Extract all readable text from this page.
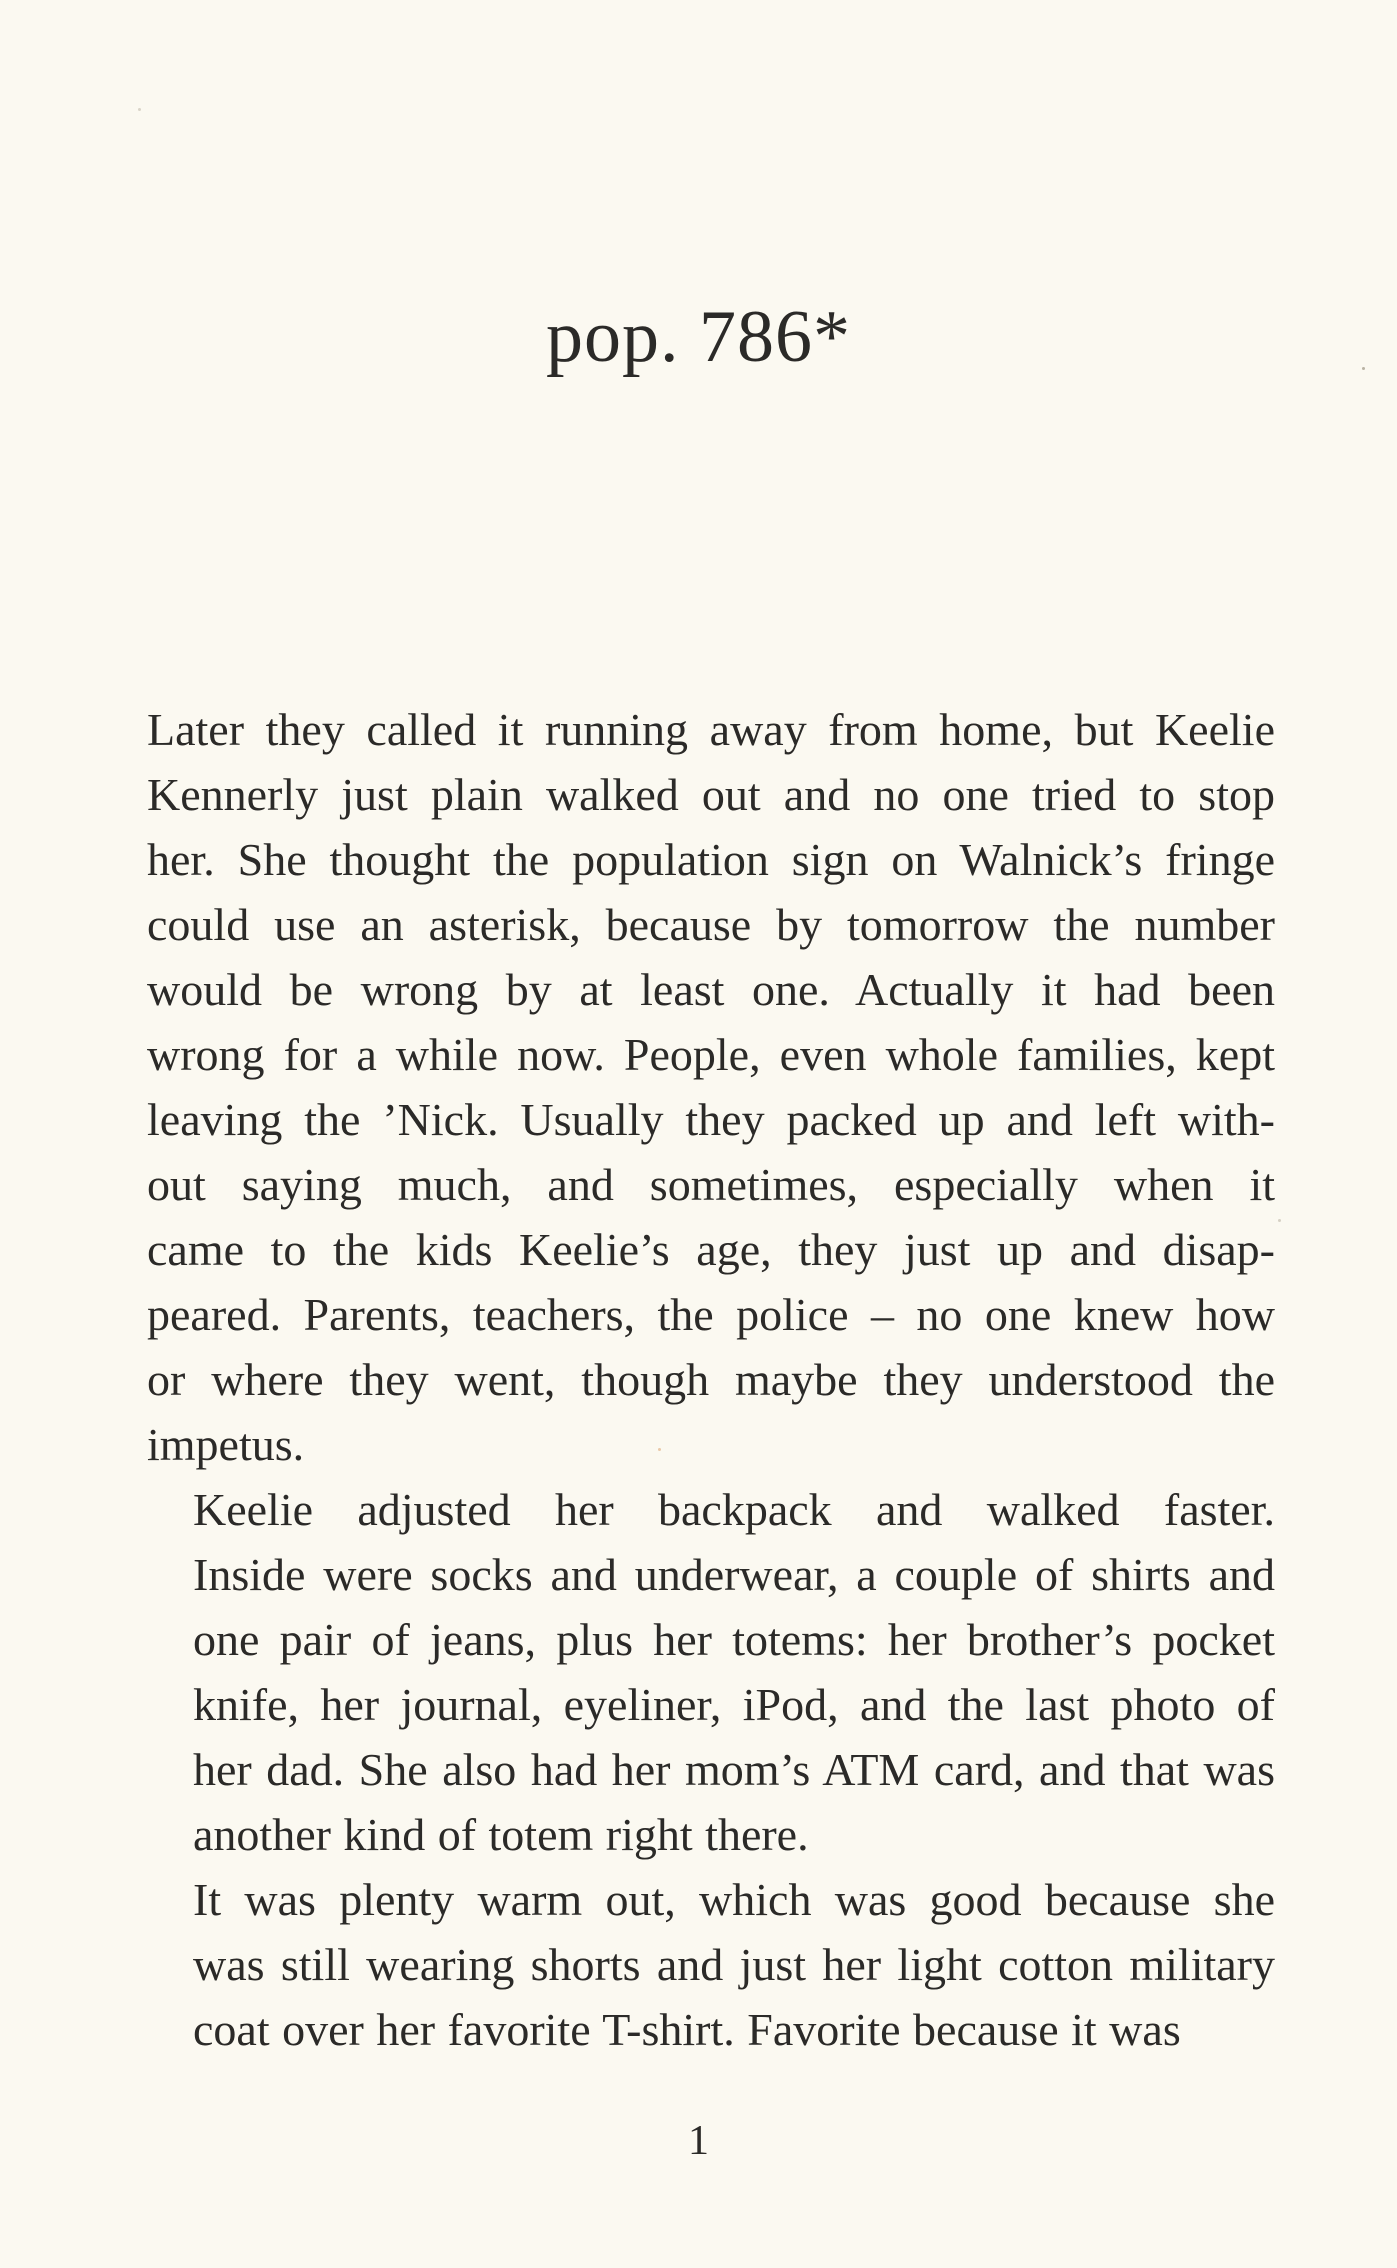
pop. 786*

Later they called it running away from home, but Keelie
Kennerly just plain walked out and no one tried to stop
her. She thought the population sign on Walnick’s fringe
could use an asterisk, because by tomorrow the number
would be wrong by at least one. Actually it had been
wrong for a while now. People, even whole families, kept
leaving the ’Nick. Usually they packed up and left with-
out saying much, and sometimes, especially when it
came to the kids Keelie’s age, they just up and disap-
peared. Parents, teachers, the police – no one knew how
or where they went, though maybe they understood the
impetus.

Keelie adjusted her backpack and walked faster.
Inside were socks and underwear, a couple of shirts and
one pair of jeans, plus her totems: her brother’s pocket
knife, her journal, eyeliner, iPod, and the last photo of
her dad. She also had her mom’s ATM card, and that was
another kind of totem right there.

It was plenty warm out, which was good because she
was still wearing shorts and just her light cotton military
coat over her favorite T-shirt. Favorite because it was

1
